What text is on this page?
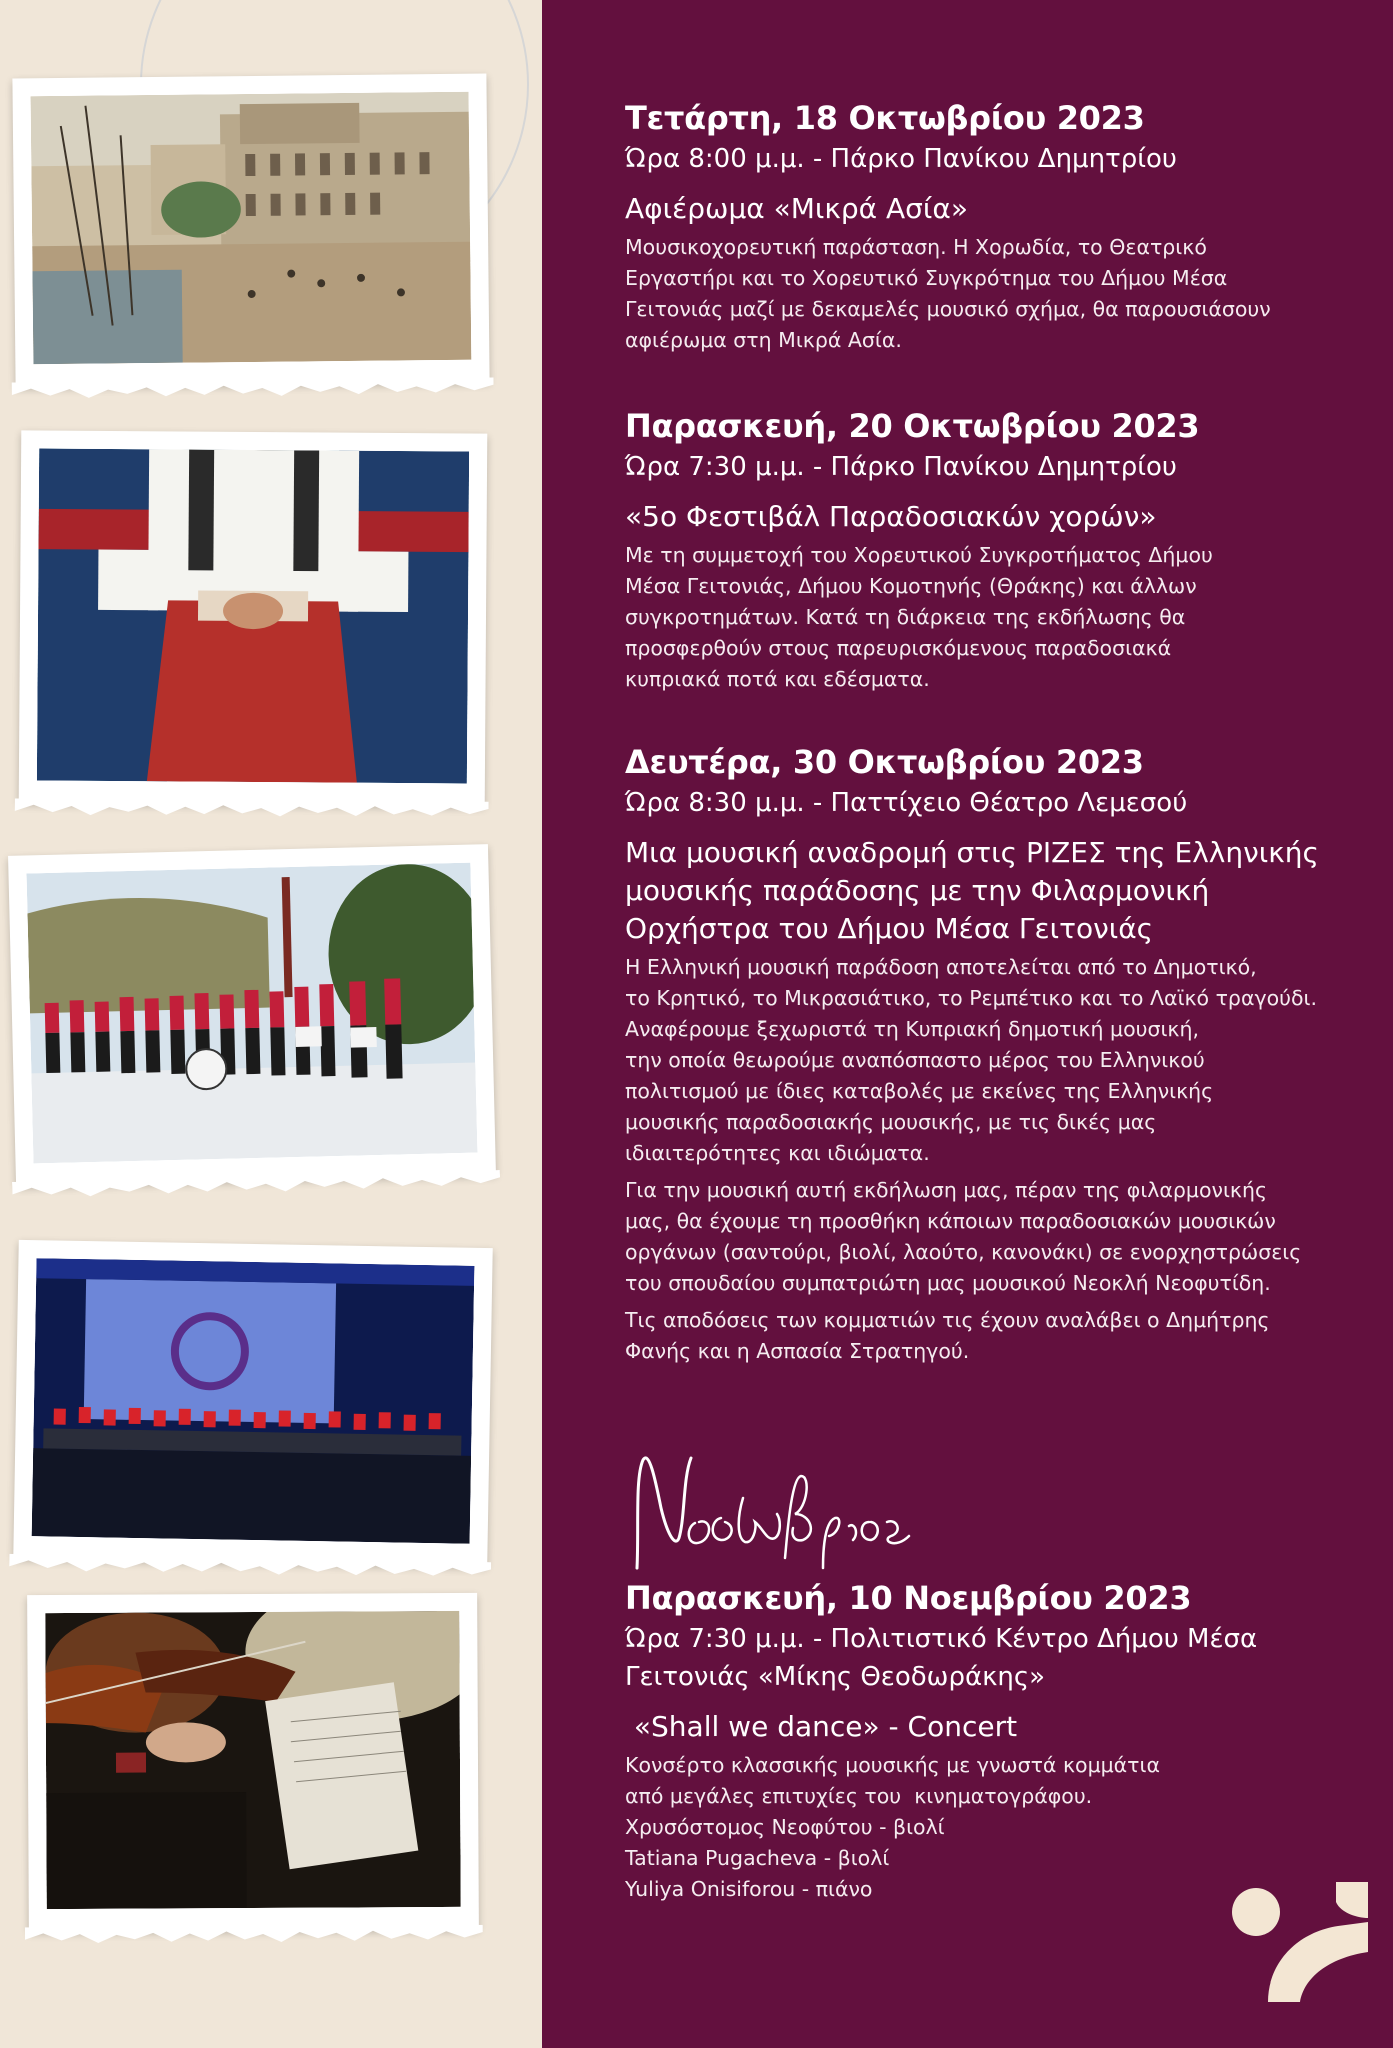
Τετάρτη, 18 Οκτωβρίου 2023
Ώρα 8:00 μ.μ. - Πάρκο Πανίκου Δημητρίου
Αφιέρωμα «Μικρά Ασία»
Μουσικοχορευτική παράσταση. Η Χορωδία, το Θεατρικό
Εργαστήρι και το Χορευτικό Συγκρότημα του Δήμου Μέσα
Γειτονιάς μαζί με δεκαμελές μουσικό σχήμα, θα παρουσιάσουν
αφιέρωμα στη Μικρά Ασία.
Παρασκευή, 20 Οκτωβρίου 2023
Ώρα 7:30 μ.μ. - Πάρκο Πανίκου Δημητρίου
«5ο Φεστιβάλ Παραδοσιακών χορών»
Με τη συμμετοχή του Χορευτικού Συγκροτήματος Δήμου
Μέσα Γειτονιάς, Δήμου Κομοτηνής (Θράκης) και άλλων
συγκροτημάτων. Κατά τη διάρκεια της εκδήλωσης θα
προσφερθούν στους παρευρισκόμενους παραδοσιακά
κυπριακά ποτά και εδέσματα.
Δευτέρα, 30 Οκτωβρίου 2023
Ώρα 8:30 μ.μ. - Παττίχειο Θέατρο Λεμεσού
Μια μουσική αναδρομή στις ΡΙΖΕΣ της Ελληνικής
μουσικής παράδοσης με την Φιλαρμονική
Ορχήστρα του Δήμου Μέσα Γειτονιάς

Η Ελληνική μουσική παράδοση αποτελείται από το Δημοτικό,
το Κρητικό, το Μικρασιάτικο, το Ρεμπέτικο και το Λαϊκό τραγούδι.
Αναφέρουμε ξεχωριστά τη Κυπριακή δημοτική μουσική,
την οποία θεωρούμε αναπόσπαστο μέρος του Ελληνικού
πολιτισμού με ίδιες καταβολές με εκείνες της Ελληνικής
μουσικής παραδοσιακής μουσικής, με τις δικές μας
ιδιαιτερότητες και ιδιώματα.

Για την μουσική αυτή εκδήλωση μας, πέραν της φιλαρμονικής
μας, θα έχουμε τη προσθήκη κάποιων παραδοσιακών μουσικών
οργάνων (σαντούρι, βιολί, λαούτο, κανονάκι) σε ενορχηστρώσεις
του σπουδαίου συμπατριώτη μας μουσικού Νεοκλή Νεοφυτίδη.

Τις αποδόσεις των κομματιών τις έχουν αναλάβει ο Δημήτρης
Φανής και η Ασπασία Στρατηγού.

Παρασκευή, 10 Νοεμβρίου 2023
Ώρα 7:30 μ.μ. - Πολιτιστικό Κέντρο Δήμου Μέσα
Γειτονιάς «Μίκης Θεοδωράκης»
«Shall we dance» - Concert
Κονσέρτο κλασσικής μουσικής με γνωστά κομμάτια
από μεγάλες επιτυχίες του  κινηματογράφου.
Χρυσόστομος Νεοφύτου - βιολί
Tatiana Pugacheva - βιολί
Yuliya Onisiforou - πιάνο
